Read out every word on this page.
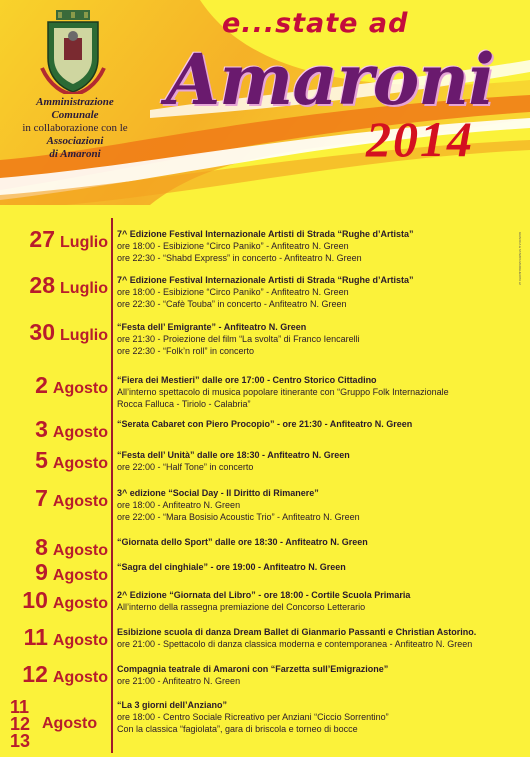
Amministrazione
Comunale
in collaborazione con le
Associazioni
di Amaroni
e...state ad
Amaroni
2014
GRAFICA & STAMPA MARGHERITA srl
27 Luglio 7^ Edizione Festival Internazionale Artisti di Strada “Rughe d’Artista”
ore 18:00 - Esibizione “Circo Paniko” - Anfiteatro N. Green
ore 22:30 - “Shabd Express” in concerto - Anfiteatro N. Green
28 Luglio 7^ Edizione Festival Internazionale Artisti di Strada “Rughe d’Artista”
ore 18:00 - Esibizione “Circo Paniko” - Anfiteatro N. Green
ore 22:30 - “Cafè Touba” in concerto - Anfiteatro N. Green
30 Luglio “Festa dell’ Emigrante” - Anfiteatro N. Green
ore 21:30 - Proiezione del film “La svolta” di Franco Iencarelli
ore 22:30 - “Folk’n roll” in concerto
2 Agosto “Fiera dei Mestieri” dalle ore 17:00 - Centro Storico Cittadino
All’interno spettacolo di musica popolare itinerante con “Gruppo Folk Internazionale
Rocca Falluca - Tiriolo - Calabria”
3 Agosto “Serata Cabaret con Piero Procopio” - ore 21:30 - Anfiteatro N. Green
5 Agosto “Festa dell’ Unità” dalle ore 18:30 - Anfiteatro N. Green
ore 22:00 - “Half Tone” in concerto
7 Agosto 3^ edizione “Social Day - Il Diritto di Rimanere”
ore 18:00 - Anfiteatro N. Green
ore 22:00 - “Mara Bosisio Acoustic Trio” - Anfiteatro N. Green
8 Agosto “Giornata dello Sport” dalle ore 18:30 - Anfiteatro N. Green
9 Agosto “Sagra del cinghiale” - ore 19:00 - Anfiteatro N. Green
10 Agosto 2^ Edizione “Giornata del Libro” - ore 18:00 - Cortile Scuola Primaria
All’interno della rassegna premiazione del Concorso Letterario
11 Agosto Esibizione scuola di danza Dream Ballet di Gianmario Passanti e Christian Astorino.
ore 21:00 - Spettacolo di danza classica moderna e contemporanea - Anfiteatro N. Green
12 Agosto Compagnia teatrale di Amaroni con “Farzetta sull’Emigrazione”
ore 21:00 - Anfiteatro N. Green
11
12
13
Agosto
“La 3 giorni dell’Anziano”
ore 18:00 - Centro Sociale Ricreativo per Anziani “Ciccio Sorrentino”
Con la classica “fagiolata”, gara di briscola e torneo di bocce
